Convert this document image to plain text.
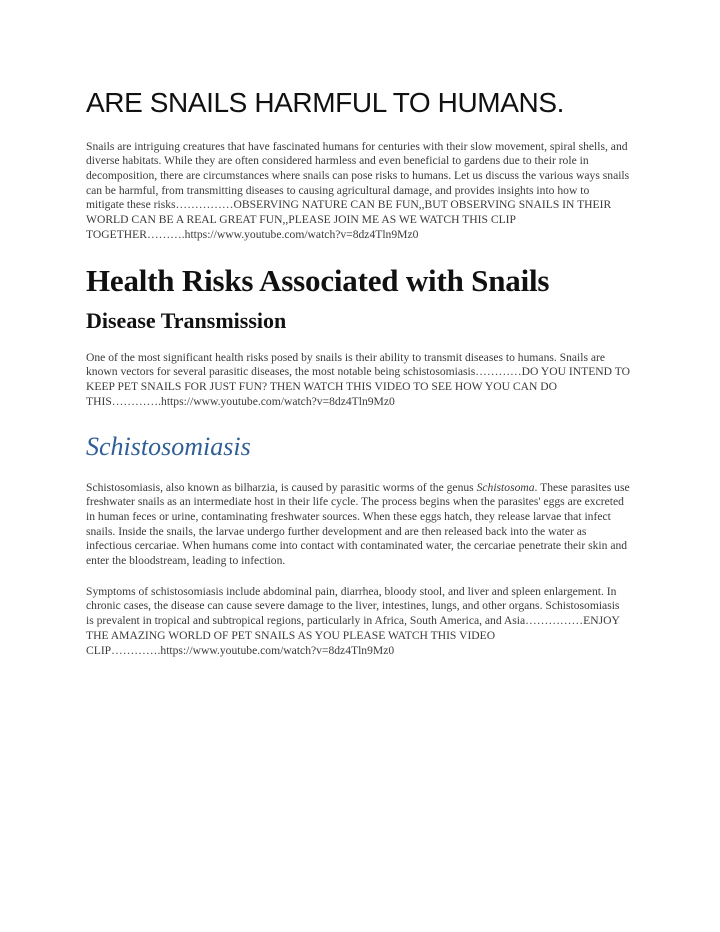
ARE SNAILS HARMFUL TO HUMANS.

Snails are intriguing creatures that have fascinated humans for centuries with their slow movement, spiral shells, and diverse habitats. While they are often considered harmless and even beneficial to gardens due to their role in decomposition, there are circumstances where snails can pose risks to humans. Let us discuss the various ways snails can be harmful, from transmitting diseases to causing agricultural damage, and provides insights into how to mitigate these risks……………OBSERVING NATURE CAN BE FUN,,BUT OBSERVING SNAILS IN THEIR WORLD CAN BE A REAL GREAT FUN,,PLEASE JOIN ME AS WE WATCH THIS CLIP TOGETHER……….https://www.youtube.com/watch?v=8dz4Tln9Mz0

Health Risks Associated with Snails
Disease Transmission

One of the most significant health risks posed by snails is their ability to transmit diseases to humans. Snails are known vectors for several parasitic diseases, the most notable being schistosomiasis…………DO YOU INTEND TO KEEP PET SNAILS FOR JUST FUN? THEN WATCH THIS VIDEO TO SEE HOW YOU CAN DO THIS………….https://www.youtube.com/watch?v=8dz4Tln9Mz0

Schistosomiasis

Schistosomiasis, also known as bilharzia, is caused by parasitic worms of the genus Schistosoma. These parasites use freshwater snails as an intermediate host in their life cycle. The process begins when the parasites' eggs are excreted in human feces or urine, contaminating freshwater sources. When these eggs hatch, they release larvae that infect snails. Inside the snails, the larvae undergo further development and are then released back into the water as infectious cercariae. When humans come into contact with contaminated water, the cercariae penetrate their skin and enter the bloodstream, leading to infection.

Symptoms of schistosomiasis include abdominal pain, diarrhea, bloody stool, and liver and spleen enlargement. In chronic cases, the disease can cause severe damage to the liver, intestines, lungs, and other organs. Schistosomiasis is prevalent in tropical and subtropical regions, particularly in Africa, South America, and Asia……………ENJOY THE AMAZING WORLD OF PET SNAILS AS YOU PLEASE WATCH THIS VIDEO CLIP………….https://www.youtube.com/watch?v=8dz4Tln9Mz0
